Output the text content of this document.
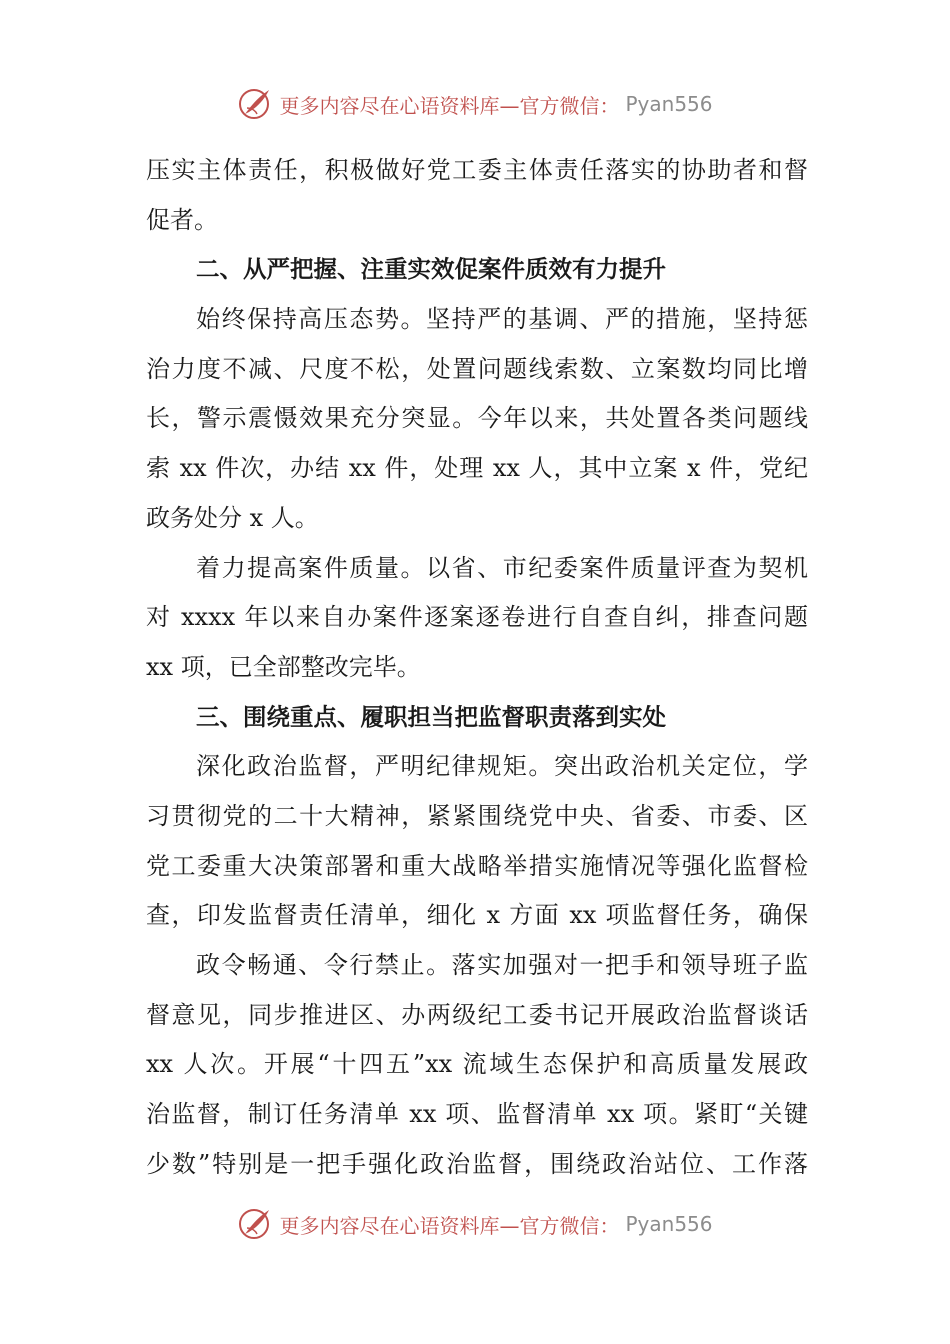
更多内容尽在心语资料库—官方微信： Pyan556
压实主体责任，积极做好党工委主体责任落实的协助者和督
促者。
二、从严把握、注重实效促案件质效有力提升
始终保持高压态势。坚持严的基调、严的措施，坚持惩
治力度不减、尺度不松，处置问题线索数、立案数均同比增
长，警示震慑效果充分突显。今年以来，共处置各类问题线
索 xx 件次，办结 xx 件，处理 xx 人，其中立案 x 件，党纪
政务处分 x 人。
着力提高案件质量。以省、市纪委案件质量评查为契机
对 xxxx 年以来自办案件逐案逐卷进行自查自纠，排查问题
xx 项，已全部整改完毕。
三、围绕重点、履职担当把监督职责落到实处
深化政治监督，严明纪律规矩。突出政治机关定位，学
习贯彻党的二十大精神，紧紧围绕党中央、省委、市委、区
党工委重大决策部署和重大战略举措实施情况等强化监督检
查，印发监督责任清单，细化 x 方面 xx 项监督任务，确保
政令畅通、令行禁止。落实加强对一把手和领导班子监
督意见，同步推进区、办两级纪工委书记开展政治监督谈话
xx 人次。开展“十四五”xx 流域生态保护和高质量发展政
治监督，制订任务清单 xx 项、监督清单 xx 项。紧盯“关键
少数”特别是一把手强化政治监督，围绕政治站位、工作落
更多内容尽在心语资料库—官方微信： Pyan556
